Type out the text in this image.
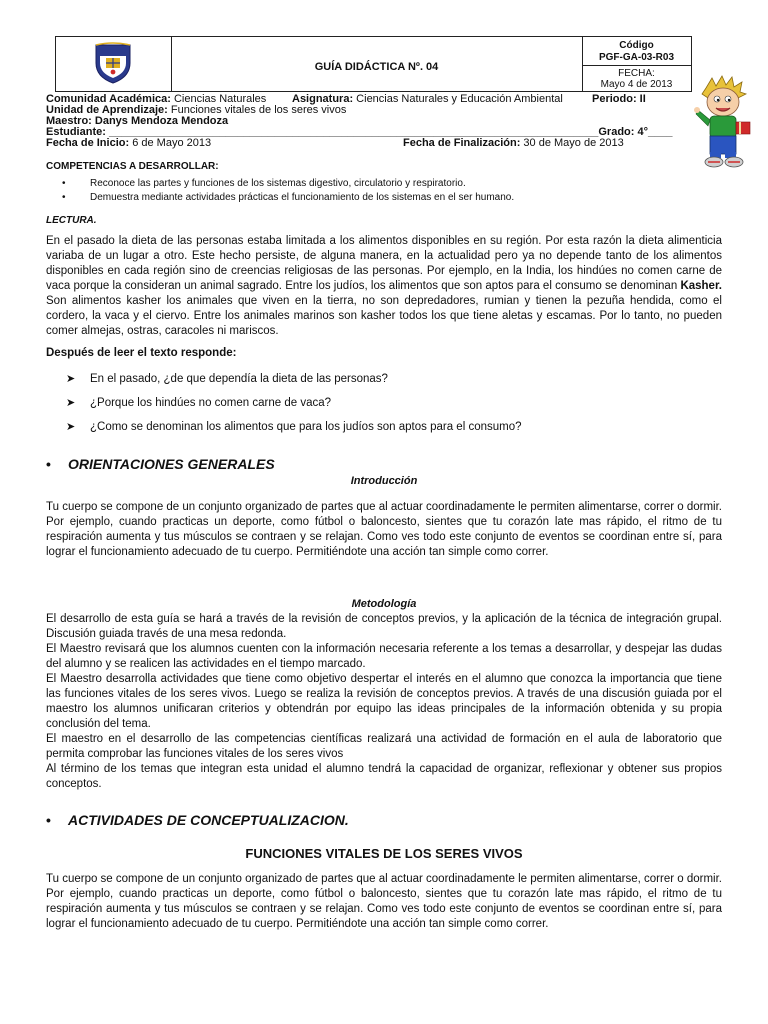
GUÍA DIDÁCTICA Nº. 04
Código
PGF-GA-03-R03
FECHA:
Mayo 4 de 2013
Comunidad Académica: Ciencias Naturales Asignatura: Ciencias Naturales y Educación Ambiental	Periodo: II
Unidad de Aprendizaje: Funciones vitales de los seres vivos
Maestro: Danys Mendoza Mendoza
Estudiante: ________________________________________________________________________________Grado: 4°____
Fecha de Inicio: 6 de Mayo 2013	Fecha de Finalización: 30 de Mayo de 2013
COMPETENCIAS A DESARROLLAR:
• Reconoce las partes y funciones de los sistemas digestivo, circulatorio y respiratorio.
• Demuestra mediante actividades prácticas el funcionamiento de los sistemas en el ser humano.
LECTURA.
En el pasado la dieta de las personas estaba limitada a los alimentos disponibles en su región. Por esta razón la dieta alimenticia variaba de un lugar a otro. Este hecho persiste, de alguna manera, en la actualidad pero ya no depende tanto de los alimentos disponibles en cada región sino de creencias religiosas de las personas. Por ejemplo, en la India, los hindúes no comen carne de vaca porque la consideran un animal sagrado. Entre los judíos, los alimentos que son aptos para el consumo se denominan Kasher. Son alimentos kasher los animales que viven en la tierra, no son depredadores, rumian y tienen la pezuña hendida, como el cordero, la vaca y el ciervo. Entre los animales marinos son kasher todos los que tiene aletas y escamas. Por lo tanto, no pueden comer almejas, ostras, caracoles ni mariscos.
Después de leer el texto responde:
➤ En el pasado, ¿de que dependía la dieta de las personas?
➤ ¿Porque los hindúes no comen carne de vaca?
➤ ¿Como se denominan los alimentos que para los judíos son aptos para el consumo?
• ORIENTACIONES GENERALES
Introducción
Tu cuerpo se compone de un conjunto organizado de partes que al actuar coordinadamente le permiten alimentarse, correr o dormir. Por ejemplo, cuando practicas un deporte, como fútbol o baloncesto, sientes que tu corazón late mas rápido, el ritmo de tu respiración aumenta y tus músculos se contraen y se relajan. Como ves todo este conjunto de eventos se coordinan entre sí, para lograr el funcionamiento adecuado de tu cuerpo. Permitiéndote una acción tan simple como correr.
Metodología
El desarrollo de esta guía se hará a través de la revisión de conceptos previos, y la aplicación de la técnica de integración grupal. Discusión guiada través de una mesa redonda.
El Maestro revisará que los alumnos cuenten con la información necesaria referente a los temas a desarrollar, y despejar las dudas del alumno y se realicen las actividades en el tiempo marcado.
El Maestro desarrolla actividades que tiene como objetivo despertar el interés en el alumno que conozca la importancia que tiene las funciones vitales de los seres vivos. Luego se realiza la revisión de conceptos previos. A través de una discusión guiada por el maestro los alumnos unificaran criterios y obtendrán por equipo las ideas principales de la información obtenida y su propia conclusión del tema.
El maestro en el desarrollo de las competencias científicas realizará una actividad de formación en el aula de laboratorio que permita comprobar las funciones vitales de los seres vivos
Al término de los temas que integran esta unidad el alumno tendrá la capacidad de organizar, reflexionar y obtener sus propios conceptos.
• ACTIVIDADES DE CONCEPTUALIZACION.
FUNCIONES VITALES DE LOS SERES VIVOS
Tu cuerpo se compone de un conjunto organizado de partes que al actuar coordinadamente le permiten alimentarse, correr o dormir. Por ejemplo, cuando practicas un deporte, como fútbol o baloncesto, sientes que tu corazón late mas rápido, el ritmo de tu respiración aumenta y tus músculos se contraen y se relajan. Como ves todo este conjunto de eventos se coordinan entre sí, para lograr el funcionamiento adecuado de tu cuerpo. Permitiéndote una acción tan simple como correr.
